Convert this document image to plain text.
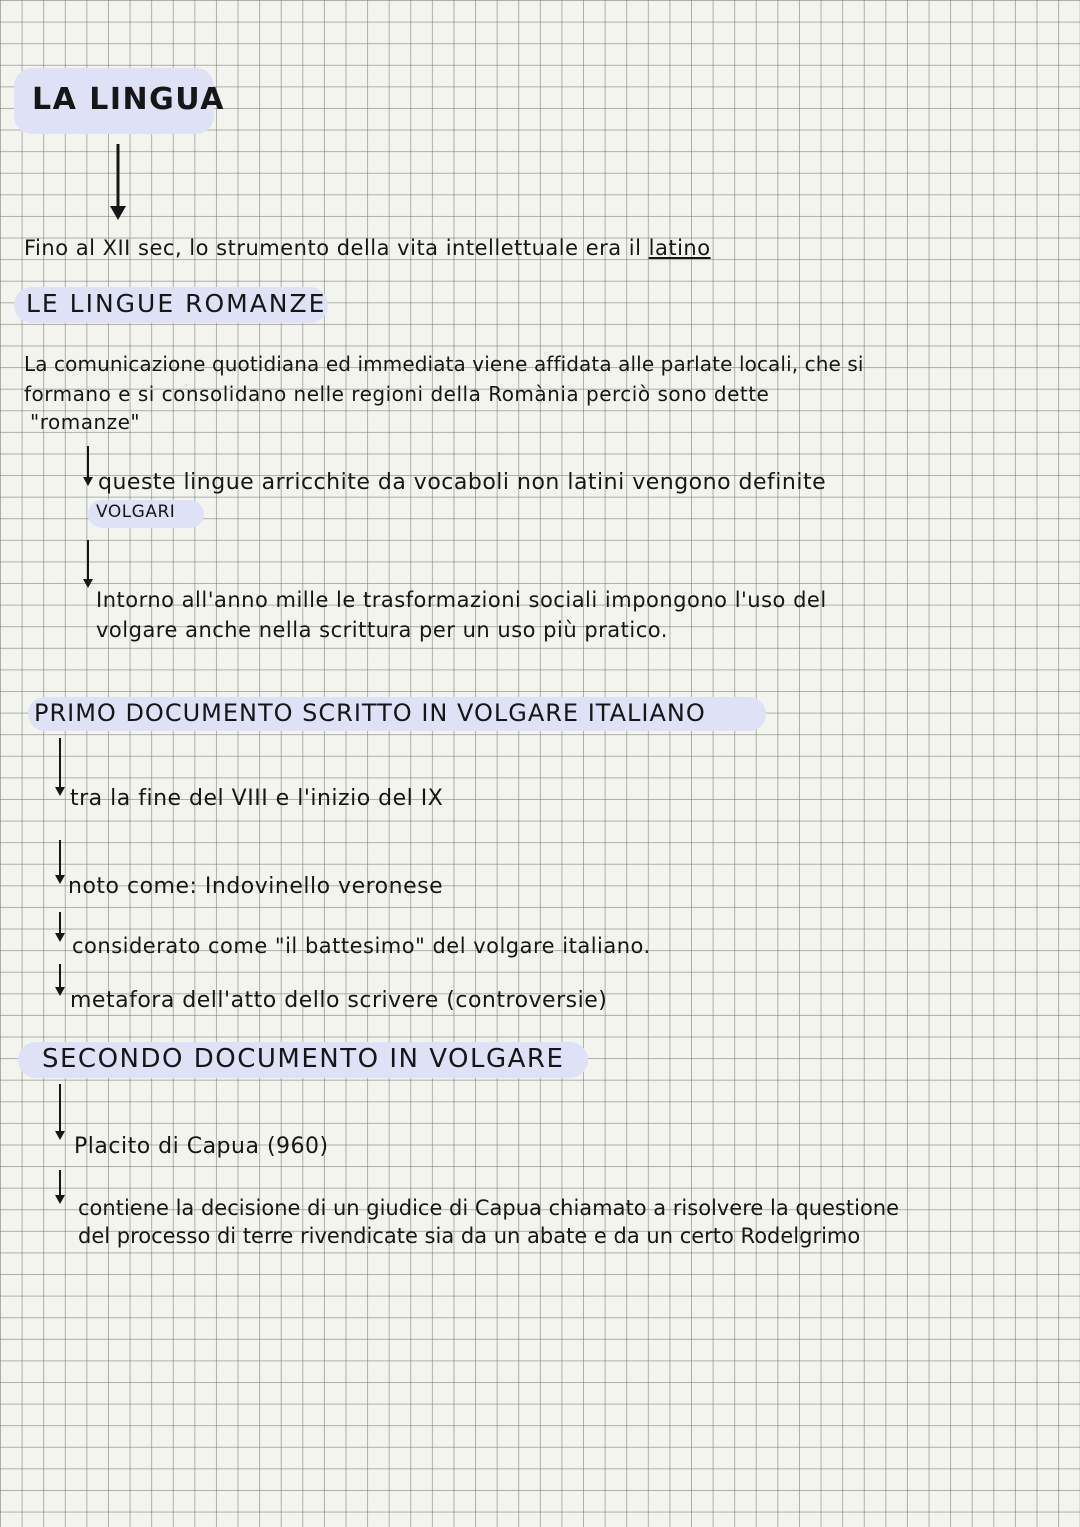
LA LINGUA
Fino al XII sec, lo strumento della vita intellettuale era il latino
LE LINGUE ROMANZE
La comunicazione quotidiana ed immediata viene affidata alle parlate locali, che si
formano e si consolidano nelle regioni della Romània perciò sono dette
"romanze"
queste lingue arricchite da vocaboli non latini vengono definite
VOLGARI
Intorno all'anno mille le trasformazioni sociali impongono l'uso del
volgare anche nella scrittura per un uso più pratico.
PRIMO DOCUMENTO SCRITTO IN VOLGARE ITALIANO
tra la fine del VIII e l'inizio del IX
noto come: Indovinello veronese
considerato come "il battesimo" del volgare italiano.
metafora dell'atto dello scrivere (controversie)
SECONDO DOCUMENTO IN VOLGARE
Placito di Capua (960)
contiene la decisione di un giudice di Capua chiamato a risolvere la questione
del processo di terre rivendicate sia da un abate e da un certo Rodelgrimo
